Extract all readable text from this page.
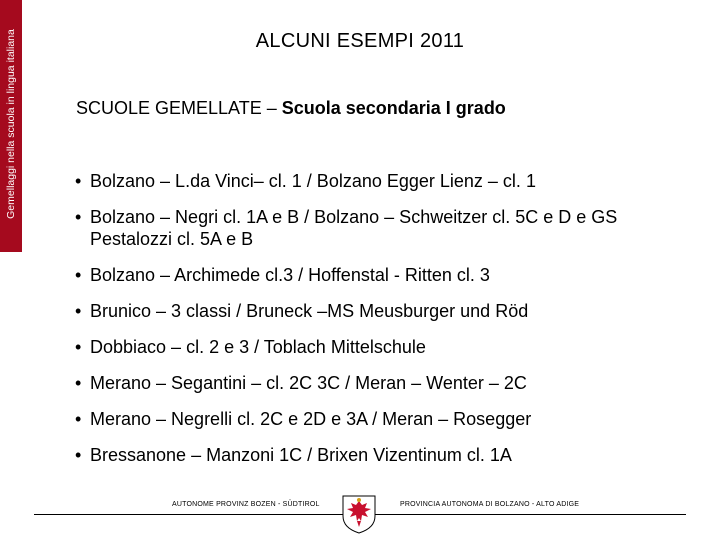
Gemellaggi nella scuola in lingua italiana	ALCUNI ESEMPI 2011
SCUOLE GEMELLATE – Scuola secondaria I grado
• Bolzano – L.da Vinci– cl. 1 / Bolzano Egger Lienz – cl. 1
• Bolzano – Negri cl. 1A e B / Bolzano – Schweitzer cl. 5C e D e GS Pestalozzi cl. 5A e B
• Bolzano – Archimede cl.3 / Hoffenstal - Ritten cl. 3
• Brunico – 3 classi / Bruneck –MS Meusburger und Röd
• Dobbiaco – cl. 2 e 3 / Toblach Mittelschule
• Merano – Segantini – cl. 2C 3C / Meran – Wenter – 2C
• Merano – Negrelli cl. 2C e 2D e 3A / Meran – Rosegger
• Bressanone – Manzoni 1C / Brixen Vizentinum cl. 1A
AUTONOME PROVINZ BOZEN - SÜDTIROL	PROVINCIA AUTONOMA DI BOLZANO - ALTO ADIGE
